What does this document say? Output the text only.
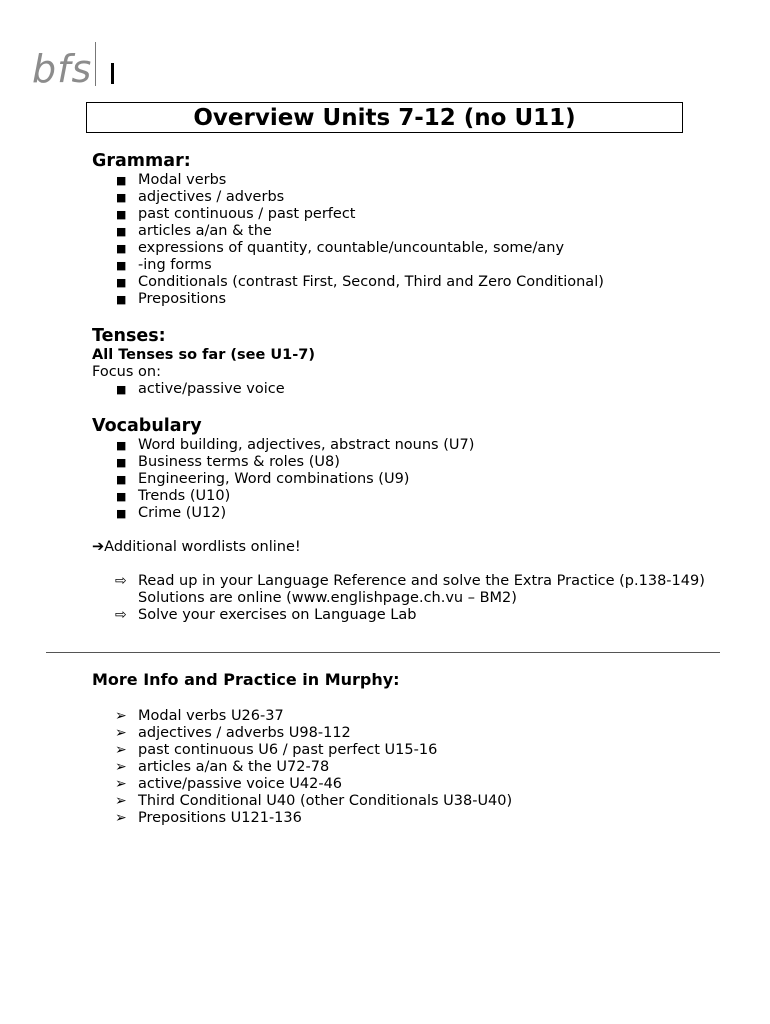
bfs
Overview Units 7-12 (no U11)
Grammar:
■ Modal verbs
■ adjectives / adverbs
■ past continuous / past perfect
■ articles a/an & the
■ expressions of quantity, countable/uncountable, some/any
■ -ing forms
■ Conditionals (contrast First, Second, Third and Zero Conditional)
■ Prepositions
Tenses:
All Tenses so far (see U1-7)
Focus on:
■ active/passive voice
Vocabulary
■ Word building, adjectives, abstract nouns (U7)
■ Business terms & roles (U8)
■ Engineering, Word combinations (U9)
■ Trends (U10)
■ Crime (U12)
➔Additional wordlists online!
⇨ Read up in your Language Reference and solve the Extra Practice (p.138-149) Solutions are online (www.englishpage.ch.vu – BM2)
⇨ Solve your exercises on Language Lab
More Info and Practice in Murphy:
➢ Modal verbs U26-37
➢ adjectives / adverbs U98-112
➢ past continuous U6 / past perfect U15-16
➢ articles a/an & the U72-78
➢ active/passive voice U42-46
➢ Third Conditional U40 (other Conditionals U38-U40)
➢ Prepositions U121-136
